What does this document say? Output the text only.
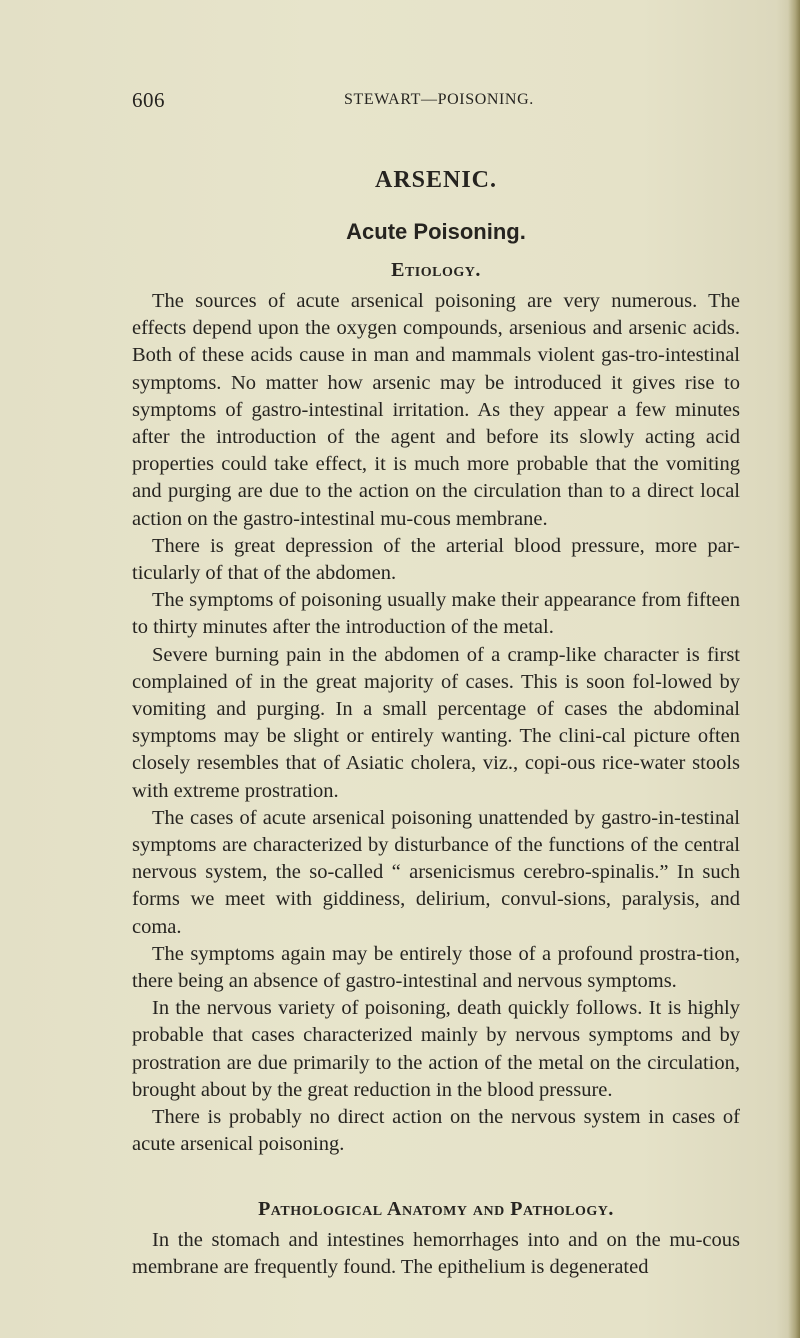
606	STEWART—POISONING.
ARSENIC.
Acute Poisoning.
Etiology.

The sources of acute arsenical poisoning are very numerous. The effects depend upon the oxygen compounds, arsenious and arsenic acids. Both of these acids cause in man and mammals violent gas-tro-intestinal symptoms. No matter how arsenic may be introduced it gives rise to symptoms of gastro-intestinal irritation. As they appear a few minutes after the introduction of the agent and before its slowly acting acid properties could take effect, it is much more probable that the vomiting and purging are due to the action on the circulation than to a direct local action on the gastro-intestinal mu-cous membrane.

There is great depression of the arterial blood pressure, more par-ticularly of that of the abdomen.

The symptoms of poisoning usually make their appearance from fifteen to thirty minutes after the introduction of the metal.

Severe burning pain in the abdomen of a cramp-like character is first complained of in the great majority of cases. This is soon fol-lowed by vomiting and purging. In a small percentage of cases the abdominal symptoms may be slight or entirely wanting. The clini-cal picture often closely resembles that of Asiatic cholera, viz., copi-ous rice-water stools with extreme prostration.

The cases of acute arsenical poisoning unattended by gastro-in-testinal symptoms are characterized by disturbance of the functions of the central nervous system, the so-called “ arsenicismus cerebro-spinalis.” In such forms we meet with giddiness, delirium, convul-sions, paralysis, and coma.

The symptoms again may be entirely those of a profound prostra-tion, there being an absence of gastro-intestinal and nervous symptoms.

In the nervous variety of poisoning, death quickly follows. It is highly probable that cases characterized mainly by nervous symptoms and by prostration are due primarily to the action of the metal on the circulation, brought about by the great reduction in the blood pressure.

There is probably no direct action on the nervous system in cases of acute arsenical poisoning.

Pathological Anatomy and Pathology.

In the stomach and intestines hemorrhages into and on the mu-cous membrane are frequently found. The epithelium is degenerated
